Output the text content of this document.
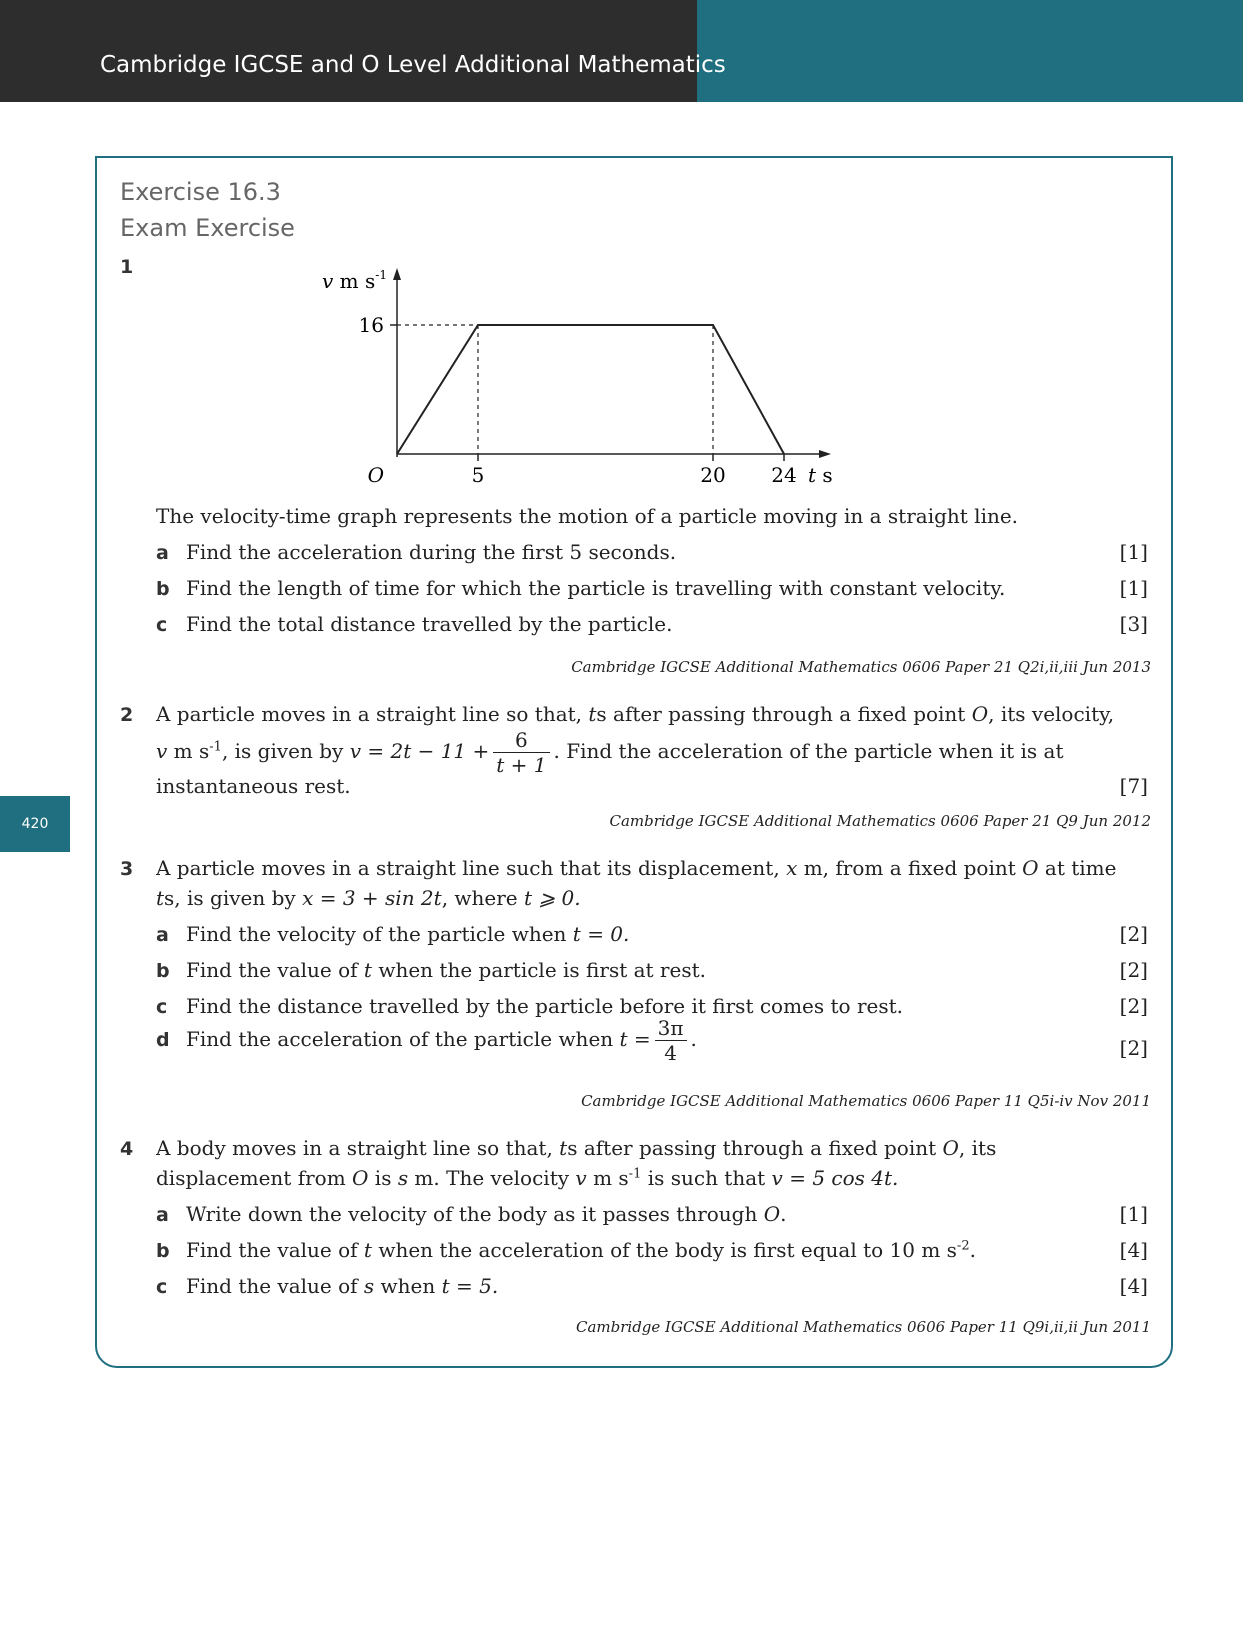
Cambridge IGCSE and O Level Additional Mathematics
420
Exercise 16.3
Exam Exercise
1
v m $s^{-1}$
16
O	5	20 24 t s
The velocity-time graph represents the motion of a particle moving in a straight line.
a Find the acceleration during the first 5 seconds.	[1]
b Find the length of time for which the particle is travelling with constant velocity.	[1]
c Find the total distance travelled by the particle.	[3]
Cambridge IGCSE Additional Mathematics 0606 Paper 21 Q2i,ii,iii Jun 2013
2 A particle moves in a straight line so that, ts after passing through a fixed point O, its velocity,
v m $s^{-1}$, is given by $v = 2t - 11 + \frac{6}{t + 1}$ . Find the acceleration of the particle when it is at
instantaneous rest.	[7]
Cambridge IGCSE Additional Mathematics 0606 Paper 21 Q9 Jun 2012
3 A particle moves in a straight line such that its displacement, x m, from a fixed point O at time
ts, is given by x = 3 + sin 2t, where t ⩾ 0.
a Find the velocity of the particle when t = 0.	[2]
b Find the value of t when the particle is first at rest.	[2]
c Find the distance travelled by the particle before it first comes to rest.	[2]
d Find the acceleration of the particle when $t = \frac{3\pi}{4}$ .	[2]
Cambridge IGCSE Additional Mathematics 0606 Paper 11 Q5i-iv Nov 2011
4 A body moves in a straight line so that, ts after passing through a fixed point O, its
displacement from O is s m. The velocity v m $s^{-1}$ is such that v = 5 cos 4t.
a Write down the velocity of the body as it passes through O.	[1]
b Find the value of t when the acceleration of the body is first equal to 10 m $s^{-2}$.	[4]
c Find the value of s when t = 5.	[4]
Cambridge IGCSE Additional Mathematics 0606 Paper 11 Q9i,ii,ii Jun 2011
